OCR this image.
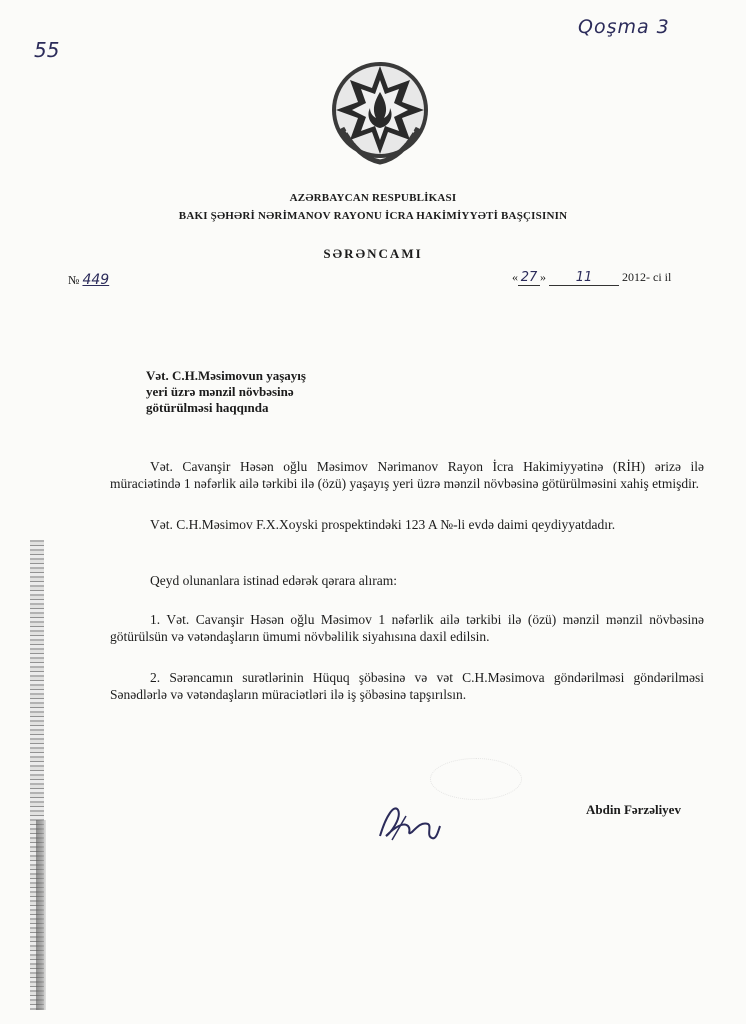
55
Qoşma 3
AZƏRBAYCAN RESPUBLİKASI
BAKI ŞƏHƏRİ NƏRİMANOV RAYONU İCRA HAKİMİYYƏTİ BAŞÇISININ
SƏRƏNCAMI
№ 449	« 27 » 11 2012- ci il
Vət. C.H.Məsimovun yaşayış
yeri üzrə mənzil növbəsinə
götürülməsi haqqında

Vət. Cavanşir Həsən oğlu Məsimov Nərimanov Rayon İcra Hakimiyyətinə (RİH) ərizə ilə müraciətində 1 nəfərlik ailə tərkibi ilə (özü) yaşayış yeri üzrə mənzil növbəsinə götürülməsini xahiş etmişdir.

Vət. C.H.Məsimov F.X.Xoyski prospektindəki 123 A №-li evdə daimi qeydiyyatdadır.

Qeyd olunanlara istinad edərək qərara alıram:

1. Vət. Cavanşir Həsən oğlu Məsimov 1 nəfərlik ailə tərkibi ilə (özü) mənzil mənzil növbəsinə götürülsün və vətəndaşların ümumi növbəlilik siyahısına daxil edilsin.

2. Sərəncamın surətlərinin Hüquq şöbəsinə və vət C.H.Məsimova göndərilməsi göndərilməsi Sənədlərlə və vətəndaşların müraciətləri ilə iş şöbəsinə tapşırılsın.

Abdin Fərzəliyev
